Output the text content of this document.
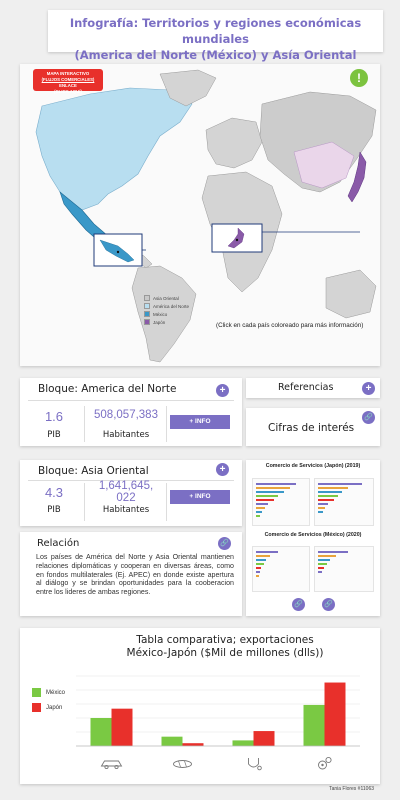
Infografía: Territorios y regiones económicas mundiales
(America del Norte (México) y Asía Oriental
MAPA INTERACTIVO
(FLUJOS COMERCIALES) ENLACE
(CLICK AQUÍ)
!
Asia Oriental
América del Norte
México
Japón	(Click en cada país coloreado para más información)
Bloque: America del Norte	+
1.6
PIB
508,057,383
Habitantes
+ INFO
Bloque: Asia Oriental	+
4.3
PIB
1,641,645,
022
Habitantes
+ INFO
Referencias	+
Cifras de interés
🔗
Relación	🔗
Los países de América del Norte y Asia Oriental mantienen relaciones diplomáticas y cooperan en diversas áreas, como en fondos multilaterales (Ej. APEC) en donde existe apertura al diálogo y se brindan oportunidades para la cooberacion entre los lideres de ambas regiones.
Comercio de Servicios (Japón) (2019)
Comercio de Servicios (México) (2020)
🔗	🔗
Tabla comparativa; exportaciones
México-Japón ($Mil de millones (dlls))
México
Japón
Tania Flores #11063
